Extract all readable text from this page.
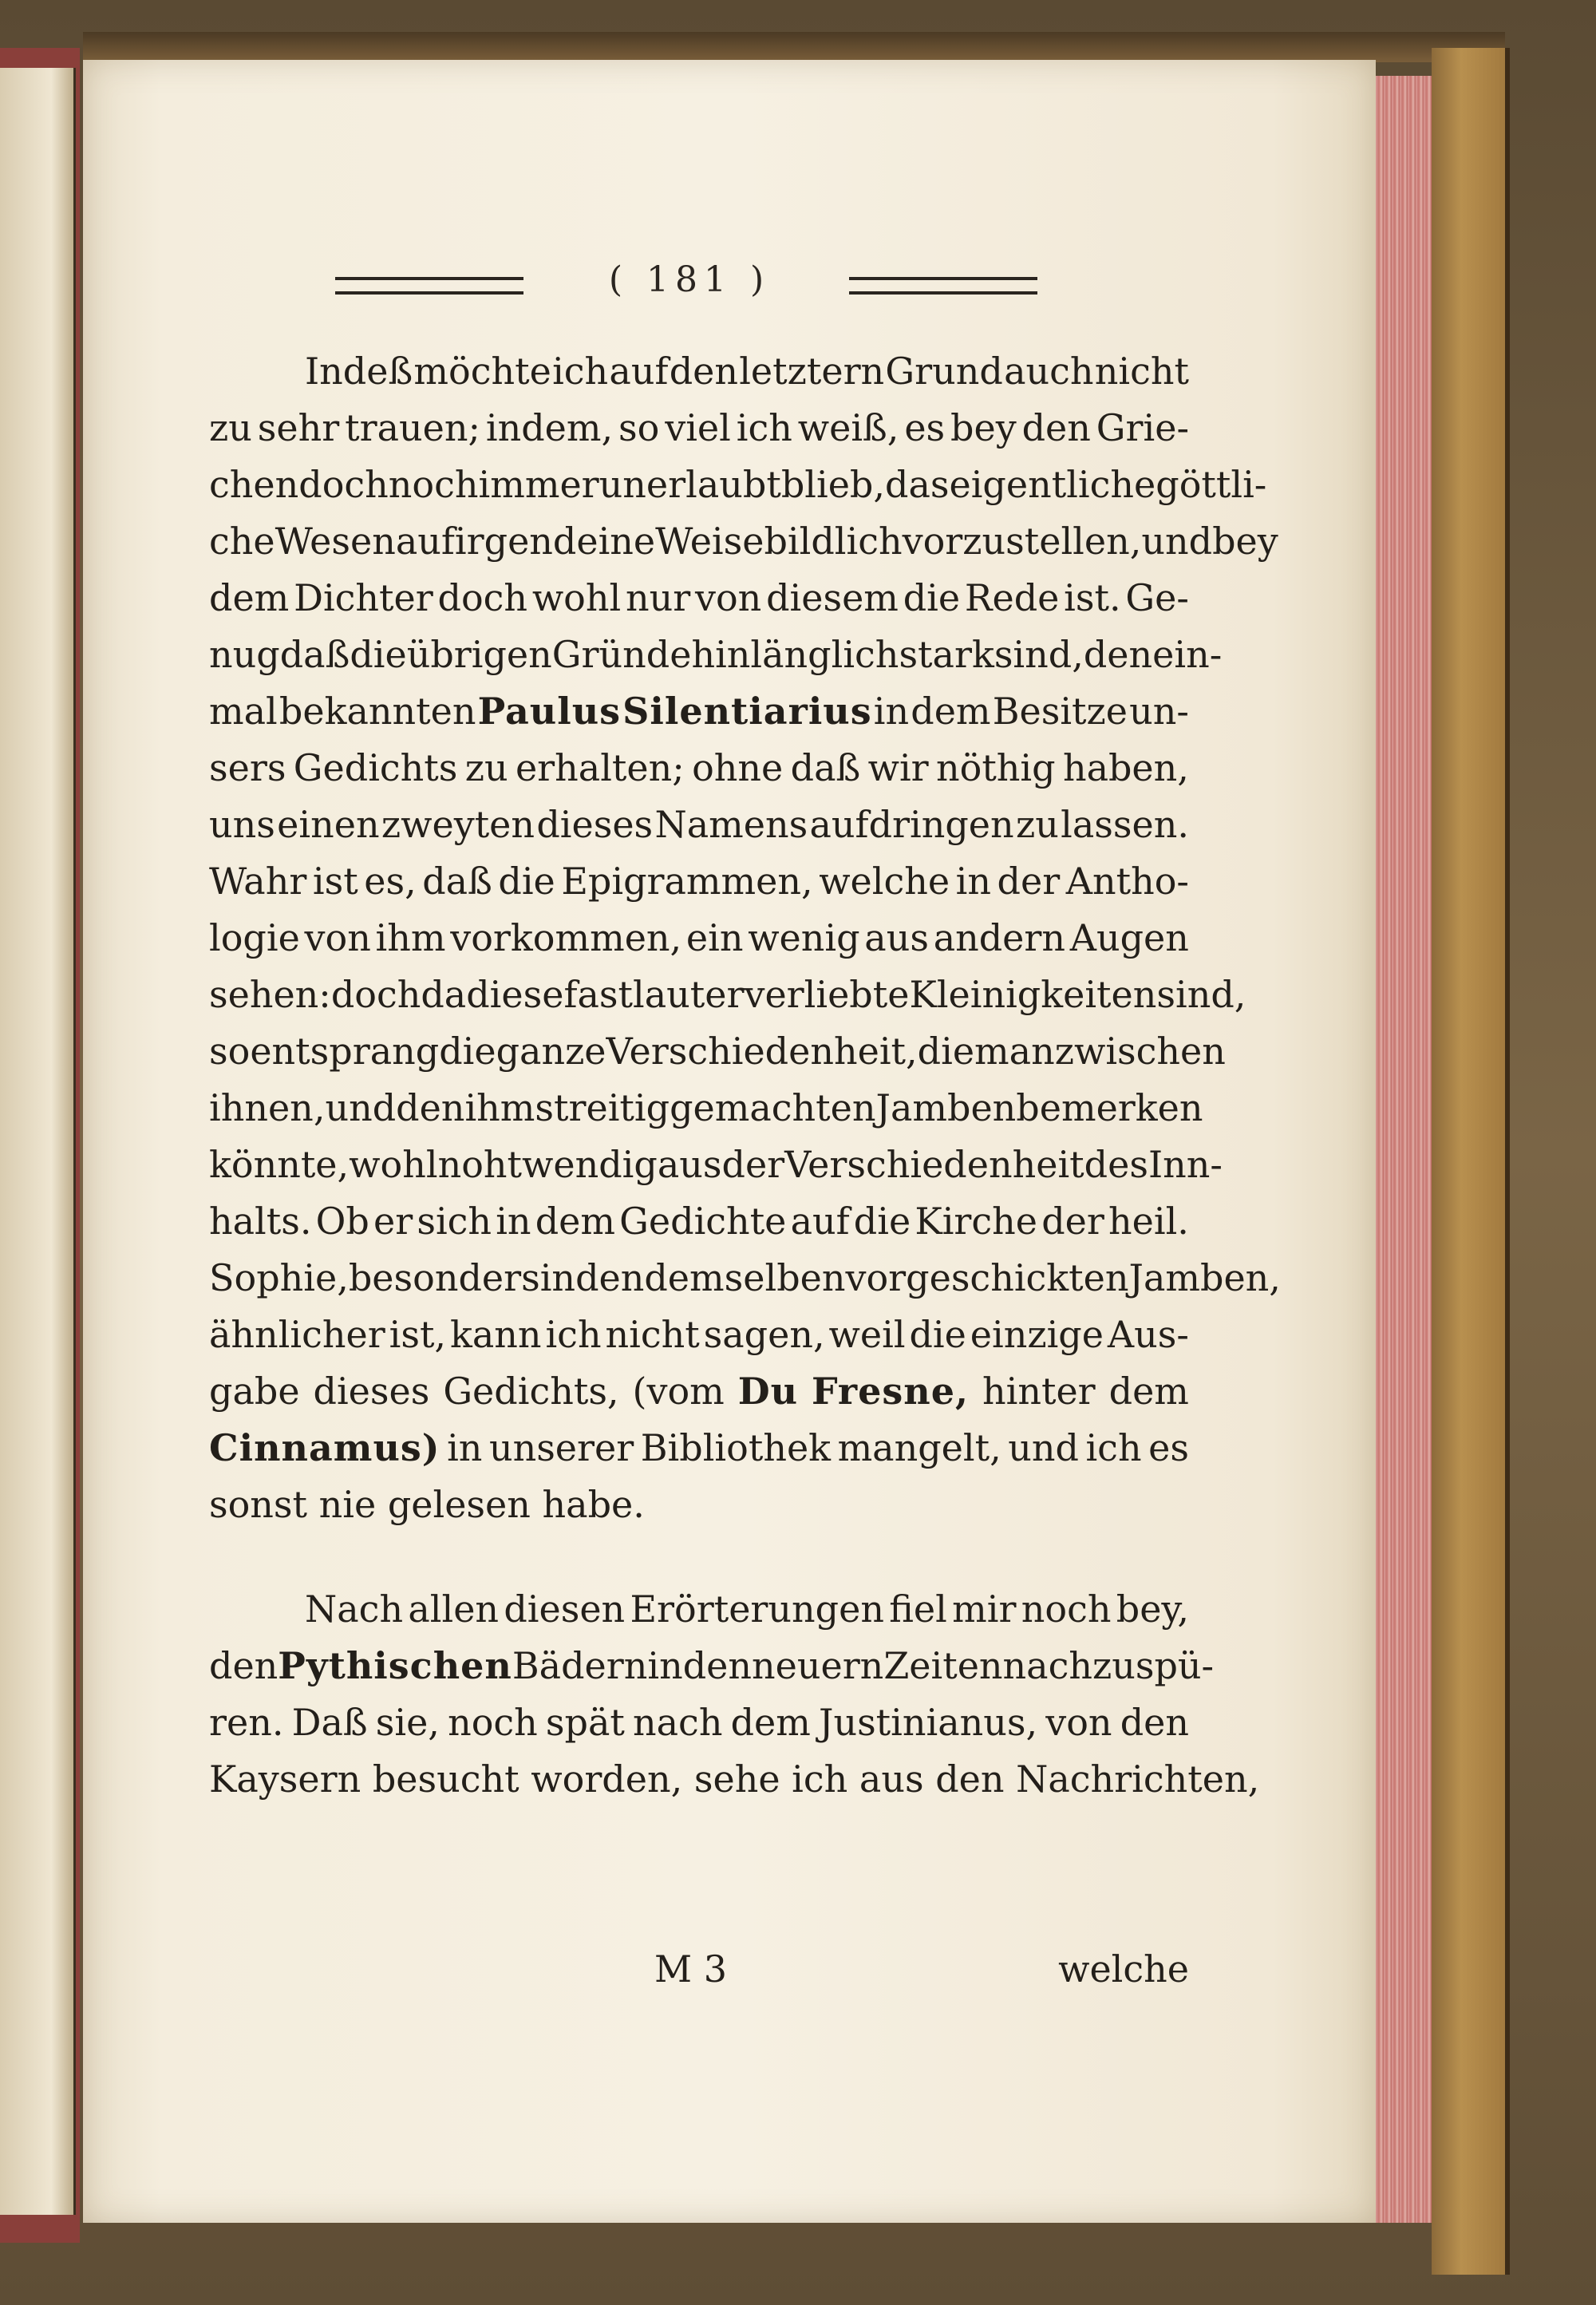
( 181 )
Indeß möchte ich auf den letztern Grund auch nicht
zu sehr trauen; indem, so viel ich weiß, es bey den Grie-
chen doch noch immer unerlaubt blieb, das eigentliche göttli-
che Wesen auf irgend eine Weise bildlich vorzustellen, und bey
dem Dichter doch wohl nur von diesem die Rede ist. Ge-
nug daß die übrigen Gründe hinlänglich stark sind, den ein-
mal bekannten Paulus Silentiarius in dem Besitze un-
sers Gedichts zu erhalten; ohne daß wir nöthig haben,
uns einen zweyten dieses Namens aufdringen zu lassen.
Wahr ist es, daß die Epigrammen, welche in der Antho-
logie von ihm vorkommen, ein wenig aus andern Augen
sehen: doch da diese fast lauter verliebte Kleinigkeiten sind,
so entsprang die ganze Verschiedenheit, die man zwischen
ihnen, und den ihm streitig gemachten Jamben bemerken
könnte, wohl nohtwendig aus der Verschiedenheit des Inn-
halts. Ob er sich in dem Gedichte auf die Kirche der heil.
Sophie, besonders in den demselben vorgeschickten Jamben,
ähnlicher ist, kann ich nicht sagen, weil die einzige Aus-
gabe dieses Gedichts, (vom Du Fresne, hinter dem
Cinnamus) in unserer Bibliothek mangelt, und ich es
sonst nie gelesen habe.
Nach allen diesen Erörterungen fiel mir noch bey,
den Pythischen Bädern in den neuern Zeiten nachzuspü-
ren. Daß sie, noch spät nach dem Justinianus, von den
Kaysern besucht worden, sehe ich aus den Nachrichten,
M 3	welche
